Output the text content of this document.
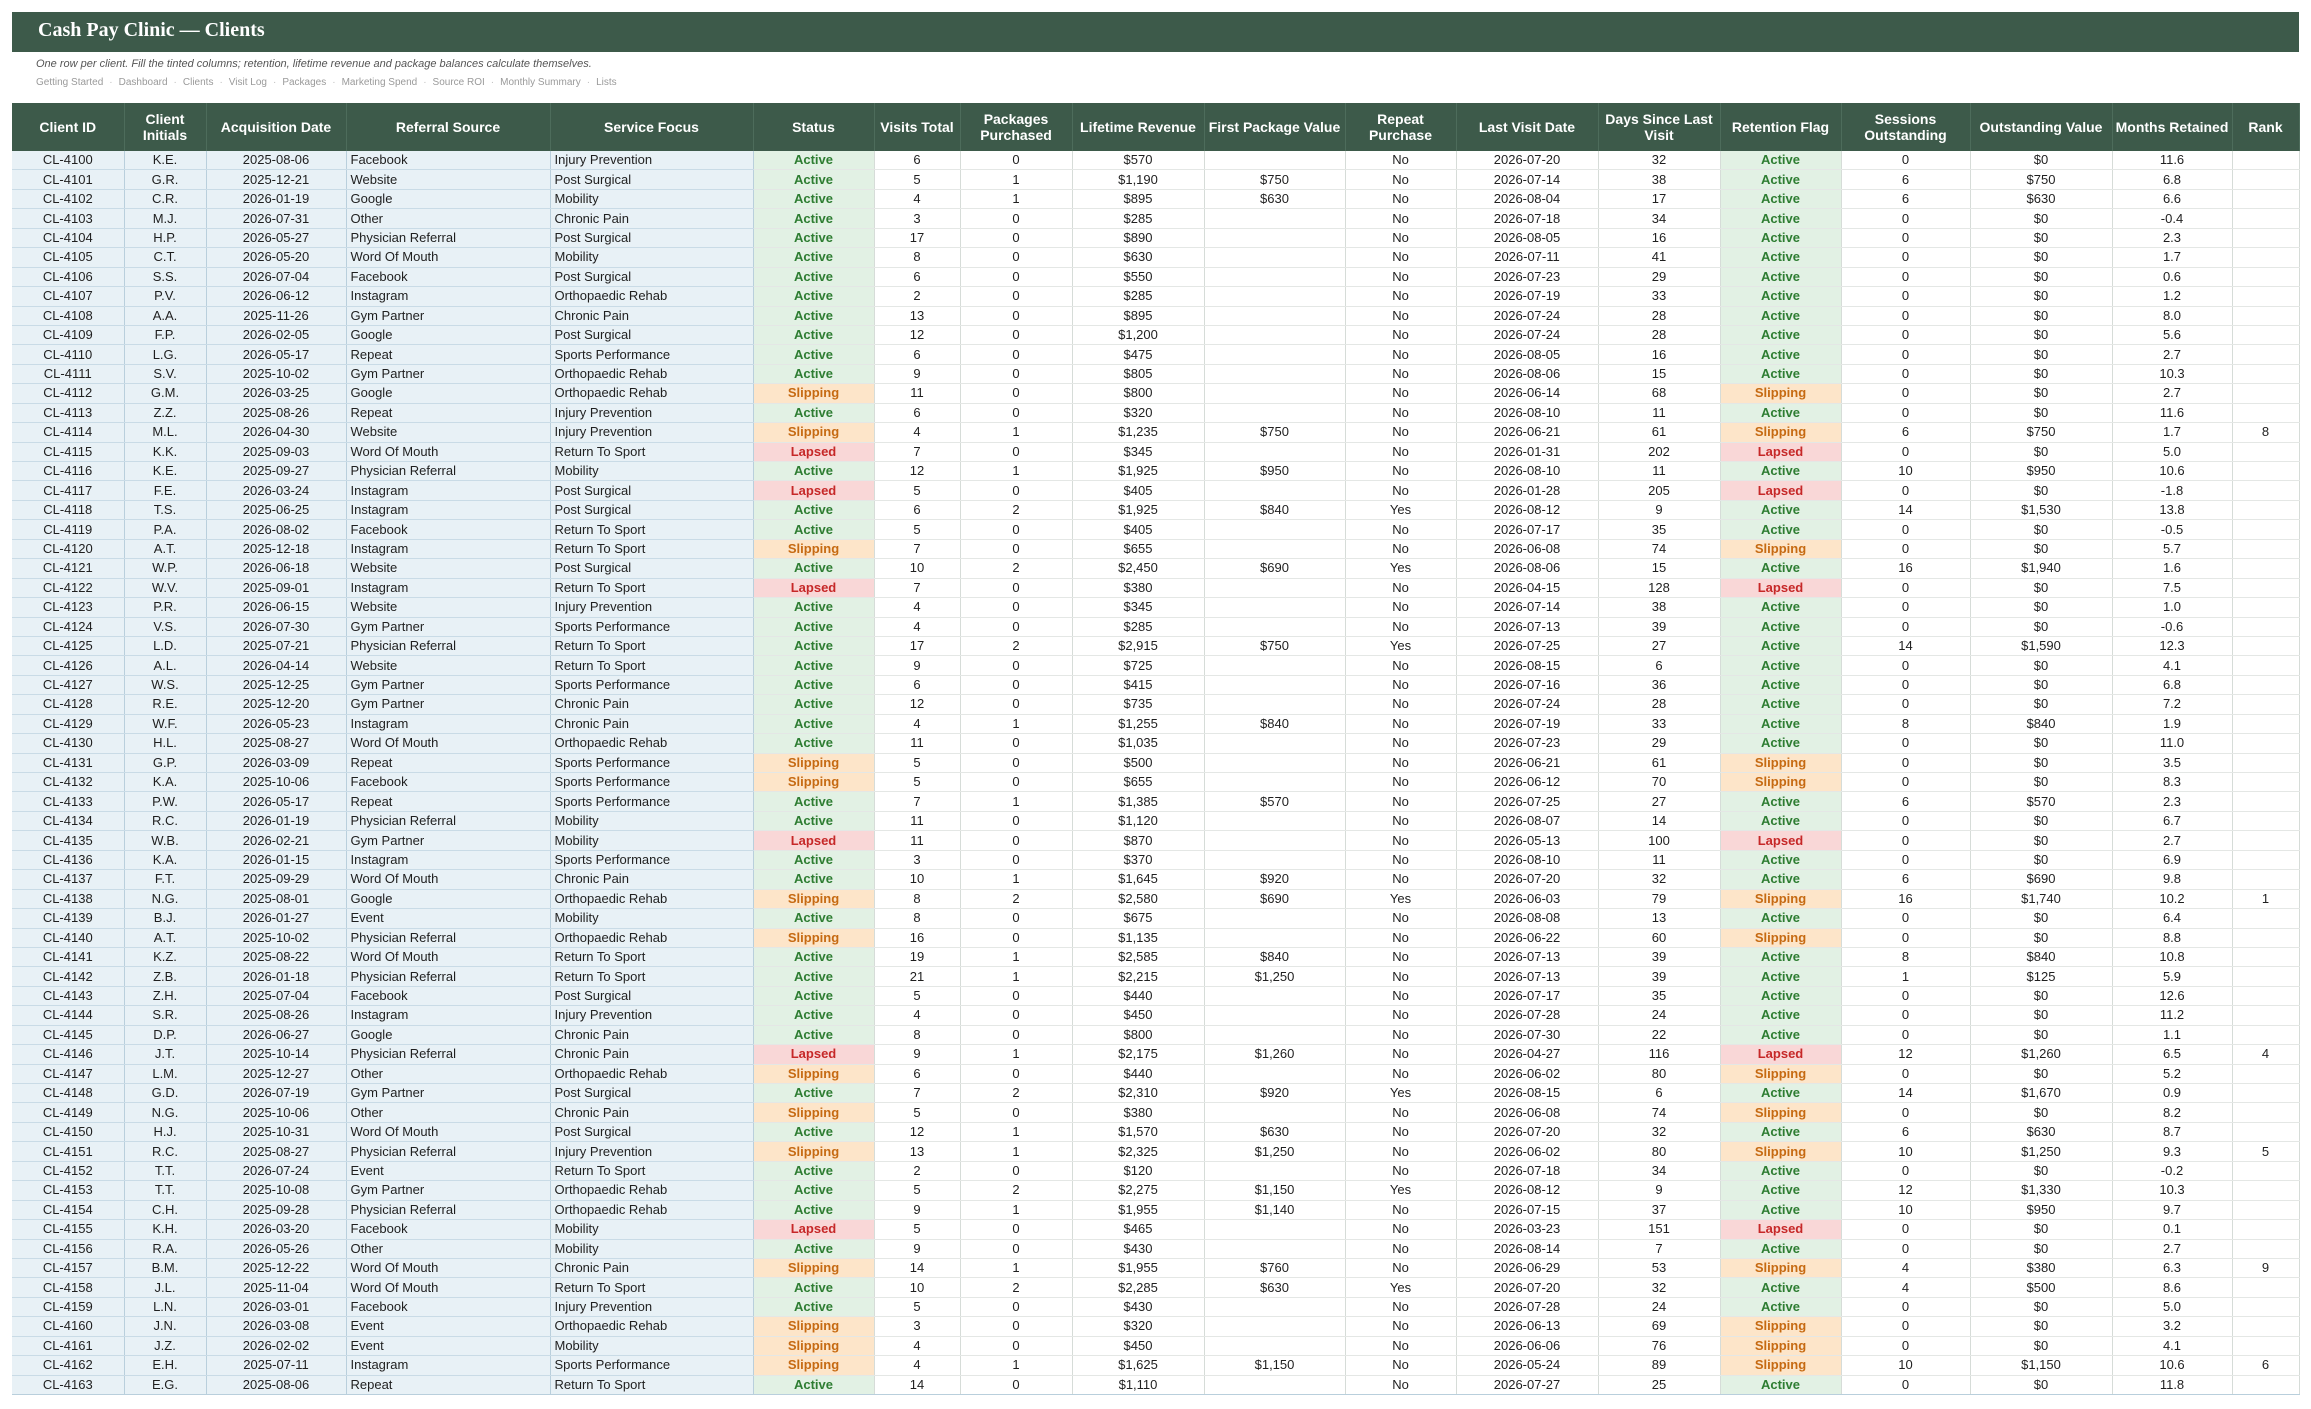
Cash Pay Clinic — Clients
One row per client. Fill the tinted columns; retention, lifetime revenue and package balances calculate themselves.
Getting Started · Dashboard · Clients · Visit Log · Packages · Marketing Spend · Source ROI · Monthly Summary · Lists
Client ID	Client Initials	Acquisition Date	Referral Source	Service Focus	Status	Visits Total	Packages Purchased	Lifetime Revenue	First Package Value	Repeat Purchase	Last Visit Date	Days Since Last Visit	Retention Flag	Sessions Outstanding	Outstanding Value	Months Retained	Rank
CL-4100	K.E.	2025-08-06	Facebook	Injury Prevention	Active	6	0	$570		No	2026-07-20	32	Active	0	$0	11.6	
CL-4101	G.R.	2025-12-21	Website	Post Surgical	Active	5	1	$1,190	$750	No	2026-07-14	38	Active	6	$750	6.8	
CL-4102	C.R.	2026-01-19	Google	Mobility	Active	4	1	$895	$630	No	2026-08-04	17	Active	6	$630	6.6	
CL-4103	M.J.	2026-07-31	Other	Chronic Pain	Active	3	0	$285		No	2026-07-18	34	Active	0	$0	-0.4	
CL-4104	H.P.	2026-05-27	Physician Referral	Post Surgical	Active	17	0	$890		No	2026-08-05	16	Active	0	$0	2.3	
CL-4105	C.T.	2026-05-20	Word Of Mouth	Mobility	Active	8	0	$630		No	2026-07-11	41	Active	0	$0	1.7	
CL-4106	S.S.	2026-07-04	Facebook	Post Surgical	Active	6	0	$550		No	2026-07-23	29	Active	0	$0	0.6	
CL-4107	P.V.	2026-06-12	Instagram	Orthopaedic Rehab	Active	2	0	$285		No	2026-07-19	33	Active	0	$0	1.2	
CL-4108	A.A.	2025-11-26	Gym Partner	Chronic Pain	Active	13	0	$895		No	2026-07-24	28	Active	0	$0	8.0	
CL-4109	F.P.	2026-02-05	Google	Post Surgical	Active	12	0	$1,200		No	2026-07-24	28	Active	0	$0	5.6	
CL-4110	L.G.	2026-05-17	Repeat	Sports Performance	Active	6	0	$475		No	2026-08-05	16	Active	0	$0	2.7	
CL-4111	S.V.	2025-10-02	Gym Partner	Orthopaedic Rehab	Active	9	0	$805		No	2026-08-06	15	Active	0	$0	10.3	
CL-4112	G.M.	2026-03-25	Google	Orthopaedic Rehab	Slipping	11	0	$800		No	2026-06-14	68	Slipping	0	$0	2.7	
CL-4113	Z.Z.	2025-08-26	Repeat	Injury Prevention	Active	6	0	$320		No	2026-08-10	11	Active	0	$0	11.6	
CL-4114	M.L.	2026-04-30	Website	Injury Prevention	Slipping	4	1	$1,235	$750	No	2026-06-21	61	Slipping	6	$750	1.7	8
CL-4115	K.K.	2025-09-03	Word Of Mouth	Return To Sport	Lapsed	7	0	$345		No	2026-01-31	202	Lapsed	0	$0	5.0	
CL-4116	K.E.	2025-09-27	Physician Referral	Mobility	Active	12	1	$1,925	$950	No	2026-08-10	11	Active	10	$950	10.6	
CL-4117	F.E.	2026-03-24	Instagram	Post Surgical	Lapsed	5	0	$405		No	2026-01-28	205	Lapsed	0	$0	-1.8	
CL-4118	T.S.	2025-06-25	Instagram	Post Surgical	Active	6	2	$1,925	$840	Yes	2026-08-12	9	Active	14	$1,530	13.8	
CL-4119	P.A.	2026-08-02	Facebook	Return To Sport	Active	5	0	$405		No	2026-07-17	35	Active	0	$0	-0.5	
CL-4120	A.T.	2025-12-18	Instagram	Return To Sport	Slipping	7	0	$655		No	2026-06-08	74	Slipping	0	$0	5.7	
CL-4121	W.P.	2026-06-18	Website	Post Surgical	Active	10	2	$2,450	$690	Yes	2026-08-06	15	Active	16	$1,940	1.6	
CL-4122	W.V.	2025-09-01	Instagram	Return To Sport	Lapsed	7	0	$380		No	2026-04-15	128	Lapsed	0	$0	7.5	
CL-4123	P.R.	2026-06-15	Website	Injury Prevention	Active	4	0	$345		No	2026-07-14	38	Active	0	$0	1.0	
CL-4124	V.S.	2026-07-30	Gym Partner	Sports Performance	Active	4	0	$285		No	2026-07-13	39	Active	0	$0	-0.6	
CL-4125	L.D.	2025-07-21	Physician Referral	Return To Sport	Active	17	2	$2,915	$750	Yes	2026-07-25	27	Active	14	$1,590	12.3	
CL-4126	A.L.	2026-04-14	Website	Return To Sport	Active	9	0	$725		No	2026-08-15	6	Active	0	$0	4.1	
CL-4127	W.S.	2025-12-25	Gym Partner	Sports Performance	Active	6	0	$415		No	2026-07-16	36	Active	0	$0	6.8	
CL-4128	R.E.	2025-12-20	Gym Partner	Chronic Pain	Active	12	0	$735		No	2026-07-24	28	Active	0	$0	7.2	
CL-4129	W.F.	2026-05-23	Instagram	Chronic Pain	Active	4	1	$1,255	$840	No	2026-07-19	33	Active	8	$840	1.9	
CL-4130	H.L.	2025-08-27	Word Of Mouth	Orthopaedic Rehab	Active	11	0	$1,035		No	2026-07-23	29	Active	0	$0	11.0	
CL-4131	G.P.	2026-03-09	Repeat	Sports Performance	Slipping	5	0	$500		No	2026-06-21	61	Slipping	0	$0	3.5	
CL-4132	K.A.	2025-10-06	Facebook	Sports Performance	Slipping	5	0	$655		No	2026-06-12	70	Slipping	0	$0	8.3	
CL-4133	P.W.	2026-05-17	Repeat	Sports Performance	Active	7	1	$1,385	$570	No	2026-07-25	27	Active	6	$570	2.3	
CL-4134	R.C.	2026-01-19	Physician Referral	Mobility	Active	11	0	$1,120		No	2026-08-07	14	Active	0	$0	6.7	
CL-4135	W.B.	2026-02-21	Gym Partner	Mobility	Lapsed	11	0	$870		No	2026-05-13	100	Lapsed	0	$0	2.7	
CL-4136	K.A.	2026-01-15	Instagram	Sports Performance	Active	3	0	$370		No	2026-08-10	11	Active	0	$0	6.9	
CL-4137	F.T.	2025-09-29	Word Of Mouth	Chronic Pain	Active	10	1	$1,645	$920	No	2026-07-20	32	Active	6	$690	9.8	
CL-4138	N.G.	2025-08-01	Google	Orthopaedic Rehab	Slipping	8	2	$2,580	$690	Yes	2026-06-03	79	Slipping	16	$1,740	10.2	1
CL-4139	B.J.	2026-01-27	Event	Mobility	Active	8	0	$675		No	2026-08-08	13	Active	0	$0	6.4	
CL-4140	A.T.	2025-10-02	Physician Referral	Orthopaedic Rehab	Slipping	16	0	$1,135		No	2026-06-22	60	Slipping	0	$0	8.8	
CL-4141	K.Z.	2025-08-22	Word Of Mouth	Return To Sport	Active	19	1	$2,585	$840	No	2026-07-13	39	Active	8	$840	10.8	
CL-4142	Z.B.	2026-01-18	Physician Referral	Return To Sport	Active	21	1	$2,215	$1,250	No	2026-07-13	39	Active	1	$125	5.9	
CL-4143	Z.H.	2025-07-04	Facebook	Post Surgical	Active	5	0	$440		No	2026-07-17	35	Active	0	$0	12.6	
CL-4144	S.R.	2025-08-26	Instagram	Injury Prevention	Active	4	0	$450		No	2026-07-28	24	Active	0	$0	11.2	
CL-4145	D.P.	2026-06-27	Google	Chronic Pain	Active	8	0	$800		No	2026-07-30	22	Active	0	$0	1.1	
CL-4146	J.T.	2025-10-14	Physician Referral	Chronic Pain	Lapsed	9	1	$2,175	$1,260	No	2026-04-27	116	Lapsed	12	$1,260	6.5	4
CL-4147	L.M.	2025-12-27	Other	Orthopaedic Rehab	Slipping	6	0	$440		No	2026-06-02	80	Slipping	0	$0	5.2	
CL-4148	G.D.	2026-07-19	Gym Partner	Post Surgical	Active	7	2	$2,310	$920	Yes	2026-08-15	6	Active	14	$1,670	0.9	
CL-4149	N.G.	2025-10-06	Other	Chronic Pain	Slipping	5	0	$380		No	2026-06-08	74	Slipping	0	$0	8.2	
CL-4150	H.J.	2025-10-31	Word Of Mouth	Post Surgical	Active	12	1	$1,570	$630	No	2026-07-20	32	Active	6	$630	8.7	
CL-4151	R.C.	2025-08-27	Physician Referral	Injury Prevention	Slipping	13	1	$2,325	$1,250	No	2026-06-02	80	Slipping	10	$1,250	9.3	5
CL-4152	T.T.	2026-07-24	Event	Return To Sport	Active	2	0	$120		No	2026-07-18	34	Active	0	$0	-0.2	
CL-4153	T.T.	2025-10-08	Gym Partner	Orthopaedic Rehab	Active	5	2	$2,275	$1,150	Yes	2026-08-12	9	Active	12	$1,330	10.3	
CL-4154	C.H.	2025-09-28	Physician Referral	Orthopaedic Rehab	Active	9	1	$1,955	$1,140	No	2026-07-15	37	Active	10	$950	9.7	
CL-4155	K.H.	2026-03-20	Facebook	Mobility	Lapsed	5	0	$465		No	2026-03-23	151	Lapsed	0	$0	0.1	
CL-4156	R.A.	2026-05-26	Other	Mobility	Active	9	0	$430		No	2026-08-14	7	Active	0	$0	2.7	
CL-4157	B.M.	2025-12-22	Word Of Mouth	Chronic Pain	Slipping	14	1	$1,955	$760	No	2026-06-29	53	Slipping	4	$380	6.3	9
CL-4158	J.L.	2025-11-04	Word Of Mouth	Return To Sport	Active	10	2	$2,285	$630	Yes	2026-07-20	32	Active	4	$500	8.6	
CL-4159	L.N.	2026-03-01	Facebook	Injury Prevention	Active	5	0	$430		No	2026-07-28	24	Active	0	$0	5.0	
CL-4160	J.N.	2026-03-08	Event	Orthopaedic Rehab	Slipping	3	0	$320		No	2026-06-13	69	Slipping	0	$0	3.2	
CL-4161	J.Z.	2026-02-02	Event	Mobility	Slipping	4	0	$450		No	2026-06-06	76	Slipping	0	$0	4.1	
CL-4162	E.H.	2025-07-11	Instagram	Sports Performance	Slipping	4	1	$1,625	$1,150	No	2026-05-24	89	Slipping	10	$1,150	10.6	6
CL-4163	E.G.	2025-08-06	Repeat	Return To Sport	Active	14	0	$1,110		No	2026-07-27	25	Active	0	$0	11.8	
